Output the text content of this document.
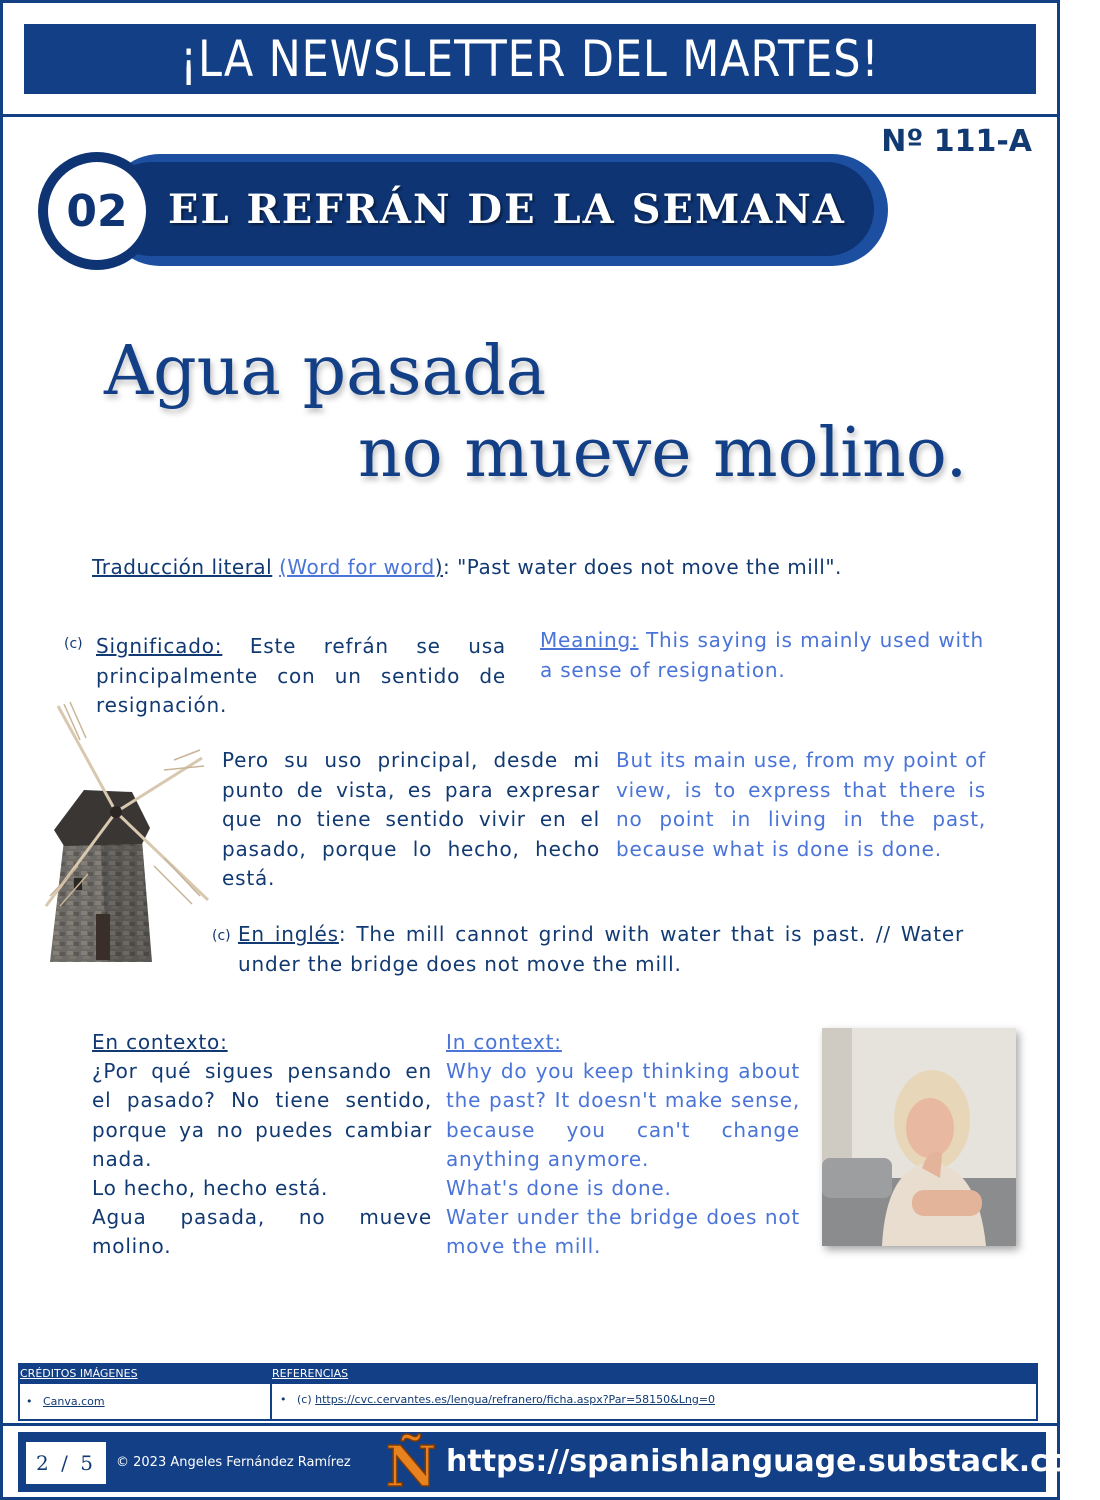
¡LA NEWSLETTER DEL MARTES!
Nº 111-A
EL REFRÁN DE LA SEMANA
02
Agua pasada
no mueve molino.
Traducción literal (Word for word): "Past water does not move the mill".
(c) Significado: Este refrán se usa principalmente con un sentido de resignación.
Meaning: This saying is mainly used with a sense of resignation.
Pero su uso principal, desde mi punto de vista, es para expresar que no tiene sentido vivir en el pasado, porque lo hecho, hecho está.
But its main use, from my point of view, is to express that there is no point in living in the past, because what is done is done.
(c) En inglés: The mill cannot grind with water that is past. // Water under the bridge does not move the mill.
En contexto:
¿Por qué sigues pensando en el pasado? No tiene sentido, porque ya no puedes cambiar nada.
Lo hecho, hecho está.
Agua pasada, no mueve molino.
In context:
Why do you keep thinking about the past? It doesn't make sense, because you can't change anything anymore.
What's done is done.
Water under the bridge does not move the mill.
CRÉDITOS IMÁGENES	REFERENCIAS
•   Canva.com	•   (c) https://cvc.cervantes.es/lengua/refranero/ficha.aspx?Par=58150&Lng=0
2 / 5	© 2023 Angeles Fernández Ramírez Ñ https://spanishlanguage.substack.com
